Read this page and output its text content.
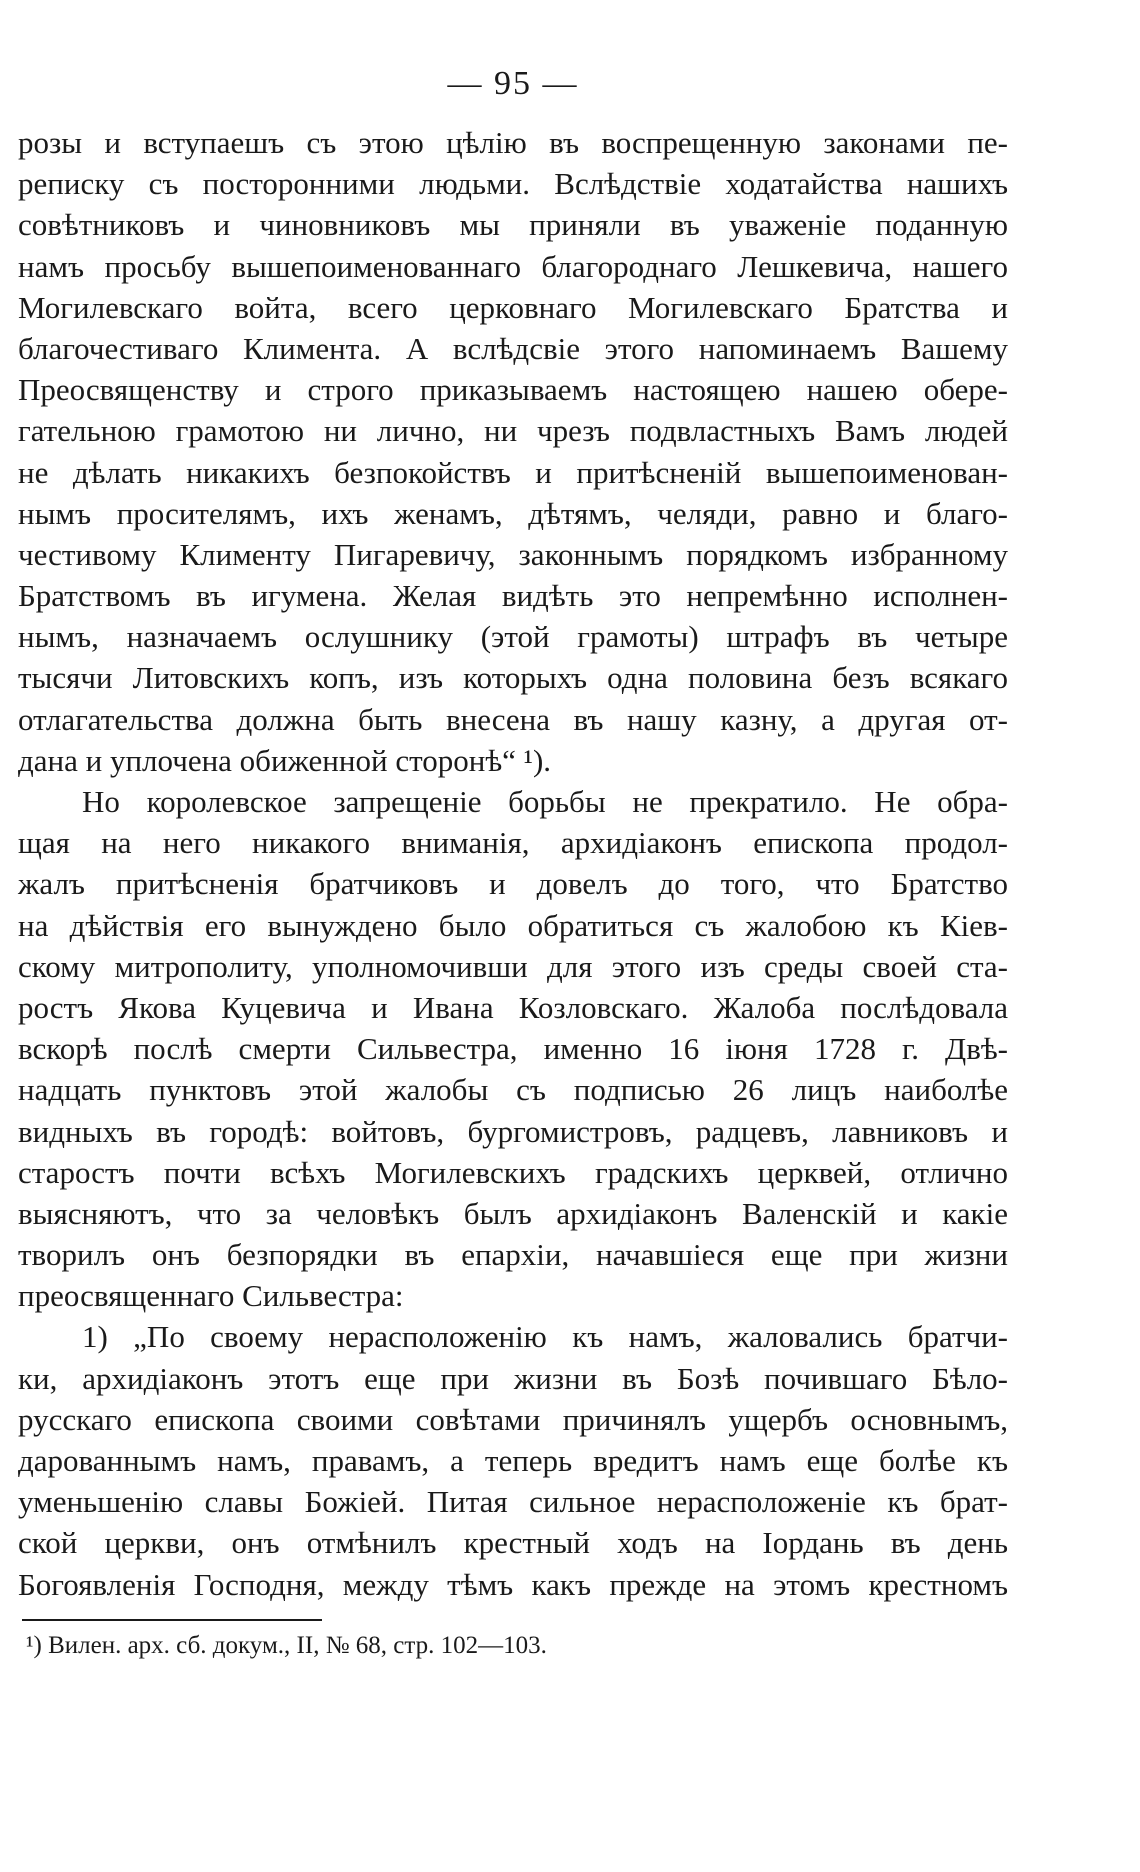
— 95 —
розы и вступаешъ съ этою цѣлію въ воспрещенную законами пе-
реписку съ посторонними людьми. Вслѣдствіе ходатайства нашихъ
совѣтниковъ и чиновниковъ мы приняли въ уваженіе поданную
намъ просьбу вышепоименованнаго благороднаго Лешкевича, нашего
Могилевскаго войта, всего церковнаго Могилевскаго Братства и
благочестиваго Климента. А вслѣдсвіе этого напоминаемъ Вашему
Преосвященству и строго приказываемъ настоящею нашею обере-
гательною грамотою ни лично, ни чрезъ подвластныхъ Вамъ людей
не дѣлать никакихъ безпокойствъ и притѣсненій вышепоименован-
нымъ просителямъ, ихъ женамъ, дѣтямъ, челяди, равно и благо-
честивому Клименту Пигаревичу, законнымъ порядкомъ избранному
Братствомъ въ игумена. Желая видѣть это непремѣнно исполнен-
нымъ, назначаемъ ослушнику (этой грамоты) штрафъ въ четыре
тысячи Литовскихъ копъ, изъ которыхъ одна половина безъ всякаго
отлагательства должна быть внесена въ нашу казну, а другая от-
дана и уплочена обиженной сторонѣ“ ¹).
Но королевское запрещеніе борьбы не прекратило. Не обра-
щая на него никакого вниманія, архидіаконъ епископа продол-
жалъ притѣсненія братчиковъ и довелъ до того, что Братство
на дѣйствія его вынуждено было обратиться съ жалобою къ Кіев-
скому митрополиту, уполномочивши для этого изъ среды своей ста-
ростъ Якова Куцевича и Ивана Козловскаго. Жалоба послѣдовала
вскорѣ послѣ смерти Сильвестра, именно 16 іюня 1728 г. Двѣ-
надцать пунктовъ этой жалобы съ подписью 26 лицъ наиболѣе
видныхъ въ городѣ: войтовъ, бургомистровъ, радцевъ, лавниковъ и
старостъ почти всѣхъ Могилевскихъ градскихъ церквей, отлично
выясняютъ, что за человѣкъ былъ архидіаконъ Валенскій и какіе
творилъ онъ безпорядки въ епархіи, начавшіеся еще при жизни
преосвященнаго Сильвестра:
1) „По своему нерасположенію къ намъ, жаловались братчи-
ки, архидіаконъ этотъ еще при жизни въ Бозѣ почившаго Бѣло-
русскаго епископа своими совѣтами причинялъ ущербъ основнымъ,
дарованнымъ намъ, правамъ, а теперь вредитъ намъ еще болѣе къ
уменьшенію славы Божіей. Питая сильное нерасположеніе къ брат-
ской церкви, онъ отмѣнилъ крестный ходъ на Іордань въ день
Богоявленія Господня, между тѣмъ какъ прежде на этомъ крестномъ
¹) Вилен. арх. сб. докум., II, № 68, стр. 102—103.
